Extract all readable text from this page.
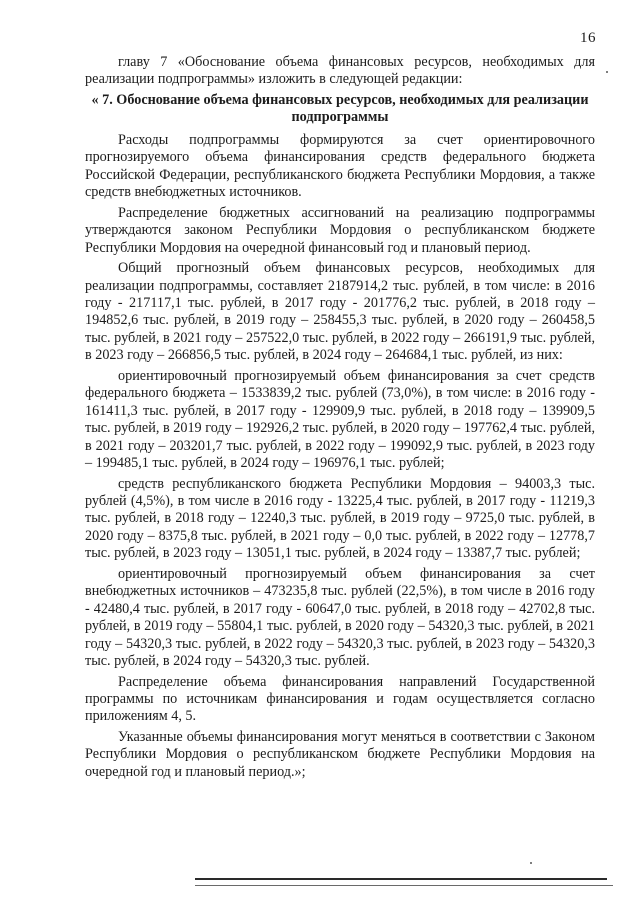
16

главу 7 «Обоснование объема финансовых ресурсов, необходимых для реализации подпрограммы» изложить в следующей редакции:

« 7. Обоснование объема финансовых ресурсов, необходимых для реализации подпрограммы

Расходы подпрограммы формируются за счет ориентировочного прогнозируемого объема финансирования средств федерального бюджета Российской Федерации, республиканского бюджета Республики Мордовия, а также средств внебюджетных источников.

Распределение бюджетных ассигнований на реализацию подпрограммы утверждаются законом Республики Мордовия о республиканском бюджете Республики Мордовия на очередной финансовый год и плановый период.

Общий прогнозный объем финансовых ресурсов, необходимых для реализации подпрограммы, составляет 2187914,2 тыс. рублей, в том числе: в 2016 году - 217117,1 тыс. рублей, в 2017 году - 201776,2 тыс. рублей, в 2018 году – 194852,6 тыс. рублей, в 2019 году – 258455,3 тыс. рублей, в 2020 году – 260458,5 тыс. рублей, в 2021 году – 257522,0 тыс. рублей, в 2022 году – 266191,9 тыс. рублей, в 2023 году – 266856,5 тыс. рублей, в 2024 году – 264684,1 тыс. рублей, из них:

ориентировочный прогнозируемый объем финансирования за счет средств федерального бюджета – 1533839,2 тыс. рублей (73,0%), в том числе: в 2016 году - 161411,3 тыс. рублей, в 2017 году - 129909,9 тыс. рублей, в 2018 году – 139909,5 тыс. рублей, в 2019 году – 192926,2 тыс. рублей, в 2020 году – 197762,4 тыс. рублей, в 2021 году – 203201,7 тыс. рублей, в 2022 году – 199092,9 тыс. рублей, в 2023 году – 199485,1 тыс. рублей, в 2024 году – 196976,1 тыс. рублей;

средств республиканского бюджета Республики Мордовия – 94003,3 тыс. рублей (4,5%), в том числе в 2016 году - 13225,4 тыс. рублей, в 2017 году - 11219,3 тыс. рублей, в 2018 году – 12240,3 тыс. рублей, в 2019 году – 9725,0 тыс. рублей, в 2020 году – 8375,8 тыс. рублей, в 2021 году – 0,0 тыс. рублей, в 2022 году – 12778,7 тыс. рублей, в 2023 году – 13051,1 тыс. рублей, в 2024 году – 13387,7 тыс. рублей;

ориентировочный прогнозируемый объем финансирования за счет внебюджетных источников – 473235,8 тыс. рублей (22,5%), в том числе в 2016 году - 42480,4 тыс. рублей, в 2017 году - 60647,0 тыс. рублей, в 2018 году – 42702,8 тыс. рублей, в 2019 году – 55804,1 тыс. рублей, в 2020 году – 54320,3 тыс. рублей, в 2021 году – 54320,3 тыс. рублей, в 2022 году – 54320,3 тыс. рублей, в 2023 году – 54320,3 тыс. рублей, в 2024 году – 54320,3 тыс. рублей.

Распределение объема финансирования направлений Государственной программы по источникам финансирования и годам осуществляется согласно приложениям 4, 5.

Указанные объемы финансирования могут меняться в соответствии с Законом Республики Мордовия о республиканском бюджете Республики Мордовия на очередной год и плановый период.»;
